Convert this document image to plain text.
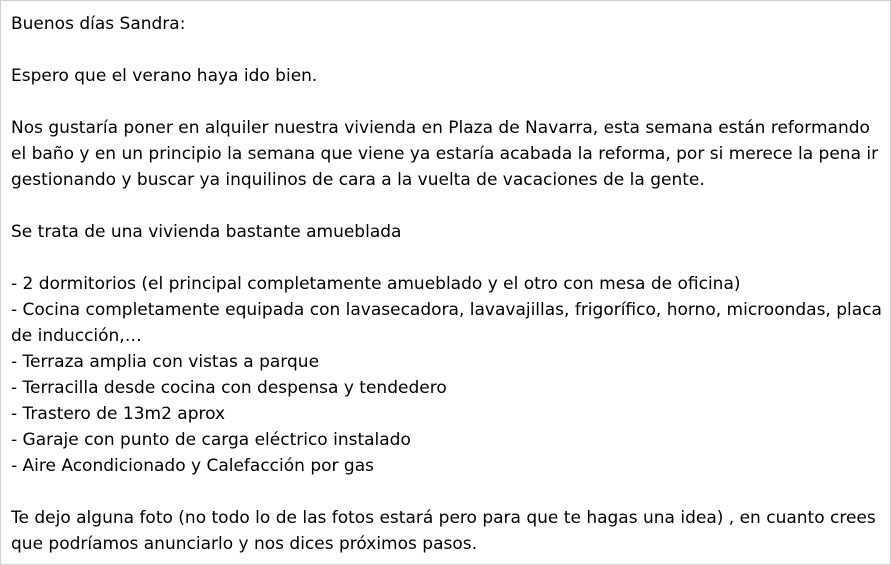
Buenos días Sandra:

Espero que el verano haya ido bien.

Nos gustaría poner en alquiler nuestra vivienda en Plaza de Navarra, esta semana están reformando el baño y en un principio la semana que viene ya estaría acabada la reforma, por si merece la pena ir gestionando y buscar ya inquilinos de cara a la vuelta de vacaciones de la gente.

Se trata de una vivienda bastante amueblada

- 2 dormitorios (el principal completamente amueblado y el otro con mesa de oficina)
- Cocina completamente equipada con lavasecadora, lavavajillas, frigorífico, horno, microondas, placa de inducción,…
- Terraza amplia con vistas a parque
- Terracilla desde cocina con despensa y tendedero
- Trastero de 13m2 aprox
- Garaje con punto de carga eléctrico instalado
- Aire Acondicionado y Calefacción por gas

Te dejo alguna foto (no todo lo de las fotos estará pero para que te hagas una idea) , en cuanto crees que podríamos anunciarlo y nos dices próximos pasos.
